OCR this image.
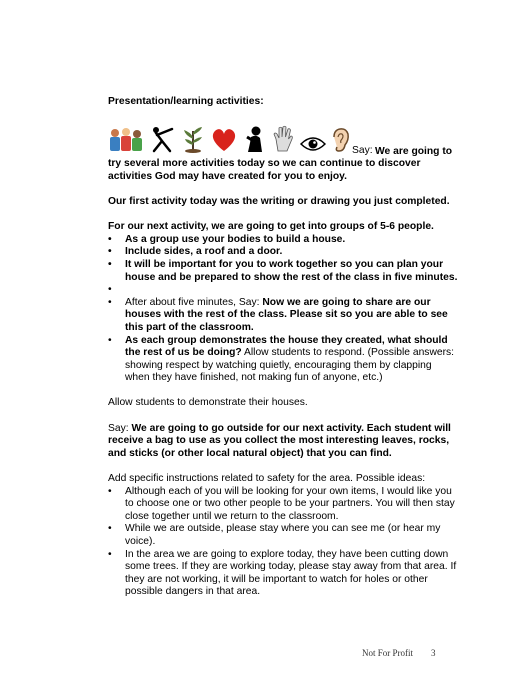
Presentation/learning activities:

Say: We are going to try several more activities today so we can continue to discover activities God may have created for you to enjoy.

Our first activity today was the writing or drawing you just completed.

For our next activity, we are going to get into groups of 5-6 people.

• As a group use your bodies to build a house.
• Include sides, a roof and a door.
• It will be important for you to work together so you can plan your house and be prepared to show the rest of the class in five minutes.
•
• After about five minutes, Say: Now we are going to share are our houses with the rest of the class. Please sit so you are able to see this part of the classroom.
• As each group demonstrates the house they created, what should the rest of us be doing? Allow students to respond. (Possible answers: showing respect by watching quietly, encouraging them by clapping when they have finished, not making fun of anyone, etc.)

Allow students to demonstrate their houses.

Say: We are going to go outside for our next activity. Each student will receive a bag to use as you collect the most interesting leaves, rocks, and sticks (or other local natural object) that you can find.

Add specific instructions related to safety for the area. Possible ideas:

• Although each of you will be looking for your own items, I would like you to choose one or two other people to be your partners. You will then stay close together until we return to the classroom.
• While we are outside, please stay where you can see me (or hear my voice).
• In the area we are going to explore today, they have been cutting down some trees. If they are working today, please stay away from that area. If they are not working, it will be important to watch for holes or other possible dangers in that area.
Not For Profit 3
